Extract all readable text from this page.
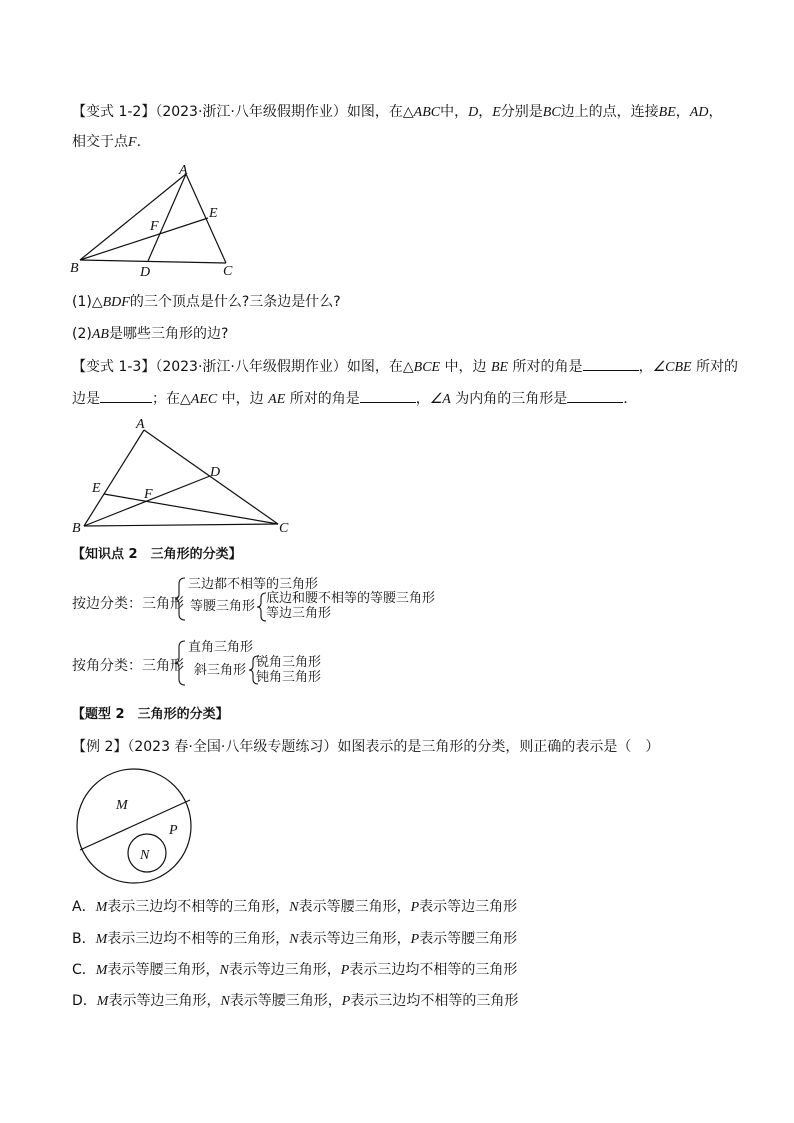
【变式 1-2】（2023·浙江·八年级假期作业）如图，在△ABC中，D，E分别是BC边上的点，连接BE，AD，
相交于点F.
A
B	C
D
E
F
(1)△BDF的三个顶点是什么?三条边是什么?
(2)AB是哪些三角形的边?
【变式 1-3】（2023·浙江·八年级假期作业）如图，在△BCE 中，边 BE 所对的角是	，∠CBE 所对的
边是	；在△AEC 中，边 AE 所对的角是	，∠A 为内角的三角形是	.
A
B	C
D
E	F
【知识点 2　三角形的分类】
按边分类：三角形
三边都不相等的三角形
等腰三角形
底边和腰不相等的等腰三角形
等边三角形
按角分类：三角形
直角三角形
斜三角形
锐角三角形
钝角三角形
【题型 2　三角形的分类】
【例 2】（2023 春·全国·八年级专题练习）如图表示的是三角形的分类，则正确的表示是（　）
M
P
N
A．M表示三边均不相等的三角形，N表示等腰三角形，P表示等边三角形
B．M表示三边均不相等的三角形，N表示等边三角形，P表示等腰三角形
C．M表示等腰三角形，N表示等边三角形，P表示三边均不相等的三角形
D．M表示等边三角形，N表示等腰三角形，P表示三边均不相等的三角形
